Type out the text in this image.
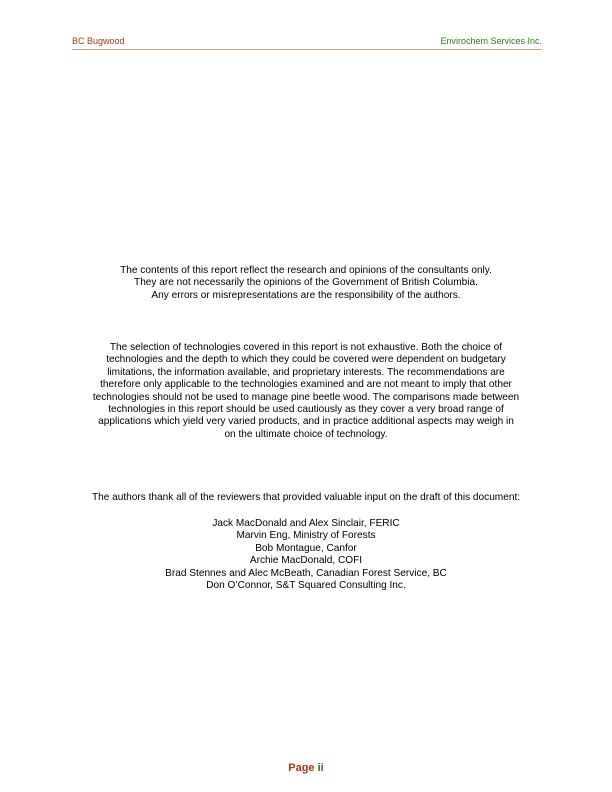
BC Bugwood	Envirochem Services Inc.

The contents of this report reflect the research and opinions of the consultants only.

They are not necessarily the opinions of the Government of British Columbia.

Any errors or misrepresentations are the responsibility of the authors.

The selection of technologies covered in this report is not exhaustive. Both the choice of

technologies and the depth to which they could be covered were dependent on budgetary

limitations, the information available, and proprietary interests. The recommendations are

therefore only applicable to the technologies examined and are not meant to imply that other

technologies should not be used to manage pine beetle wood. The comparisons made between

technologies in this report should be used cautiously as they cover a very broad range of

applications which yield very varied products, and in practice additional aspects may weigh in

on the ultimate choice of technology.

The authors thank all of the reviewers that provided valuable input on the draft of this document:

Jack MacDonald and Alex Sinclair, FERIC

Marvin Eng, Ministry of Forests

Bob Montague, Canfor

Archie MacDonald, COFI

Brad Stennes and Alec McBeath, Canadian Forest Service, BC

Don O’Connor, S&T Squared Consulting Inc.

Page ii
